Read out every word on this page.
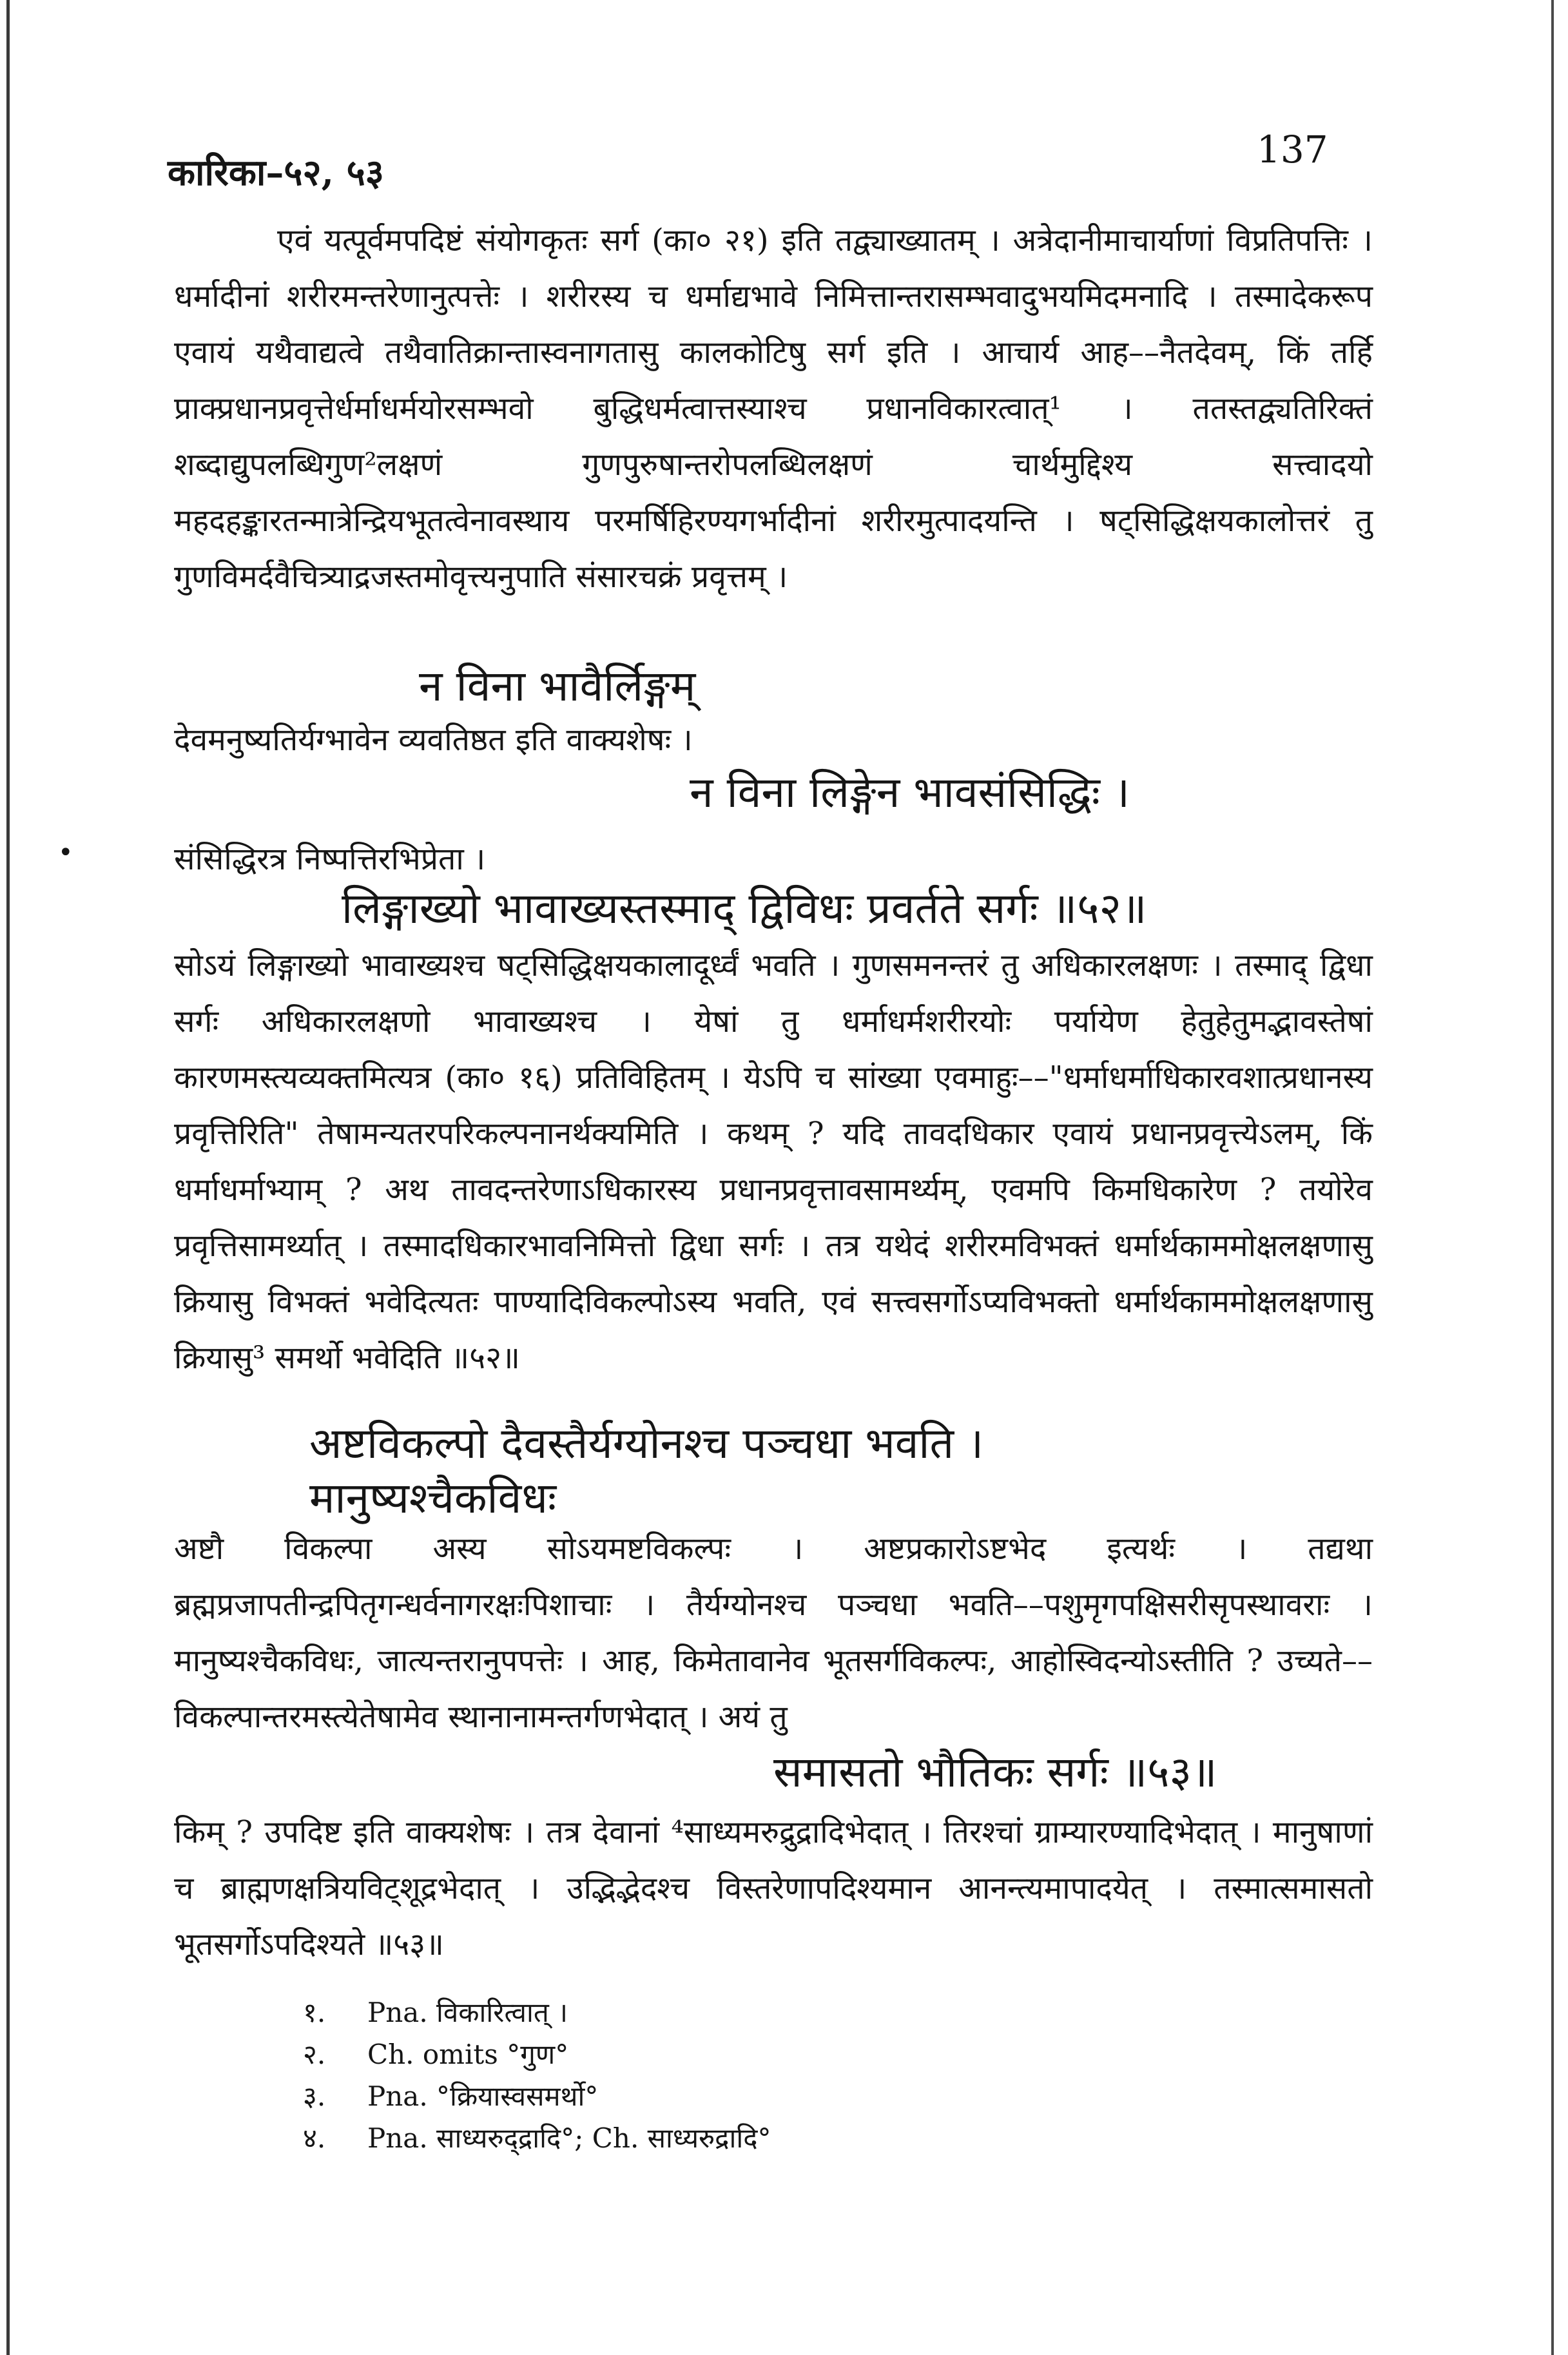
कारिका–५२, ५३
137

एवं यत्पूर्वमपदिष्टं संयोगकृतः सर्ग (का० २१) इति तद्व्याख्यातम् । अत्रेदानीमाचार्याणां विप्रतिपत्तिः । धर्मादीनां शरीरमन्तरेणानुत्पत्तेः । शरीरस्य च धर्माद्यभावे निमित्तान्तरासम्भवादुभयमिदमनादि । तस्मादेकरूप एवायं यथैवाद्यत्वे तथैवातिक्रान्तास्वनागतासु कालकोटिषु सर्ग इति । आचार्य आह––नैतदेवम्, किं तर्हि प्राक्प्रधानप्रवृत्तेर्धर्माधर्मयोरसम्भवो बुद्धिधर्मत्वात्तस्याश्च प्रधानविकारत्वात्¹ । ततस्तद्व्यतिरिक्तं शब्दाद्युपलब्धिगुण²लक्षणं गुणपुरुषान्तरोपलब्धिलक्षणं चार्थमुद्दिश्य सत्त्वादयो महदहङ्कारतन्मात्रेन्द्रियभूतत्वेनावस्थाय परमर्षिहिरण्यगर्भादीनां शरीरमुत्पादयन्ति । षट्सिद्धिक्षयकालोत्तरं तु गुणविमर्दवैचित्र्याद्रजस्तमोवृत्त्यनुपाति संसारचक्रं प्रवृत्तम् ।

न विना भावैर्लिङ्गम्

देवमनुष्यतिर्यग्भावेन व्यवतिष्ठत इति वाक्यशेषः ।

न विना लिङ्गेन भावसंसिद्धिः ।
•	संसिद्धिरत्र निष्पत्तिरभिप्रेता ।

लिङ्गाख्यो भावाख्यस्तस्माद् द्विविधः प्रवर्तते सर्गः ॥५२॥

सोऽयं लिङ्गाख्यो भावाख्यश्च षट्सिद्धिक्षयकालादूर्ध्वं भवति । गुणसमनन्तरं तु अधिकारलक्षणः । तस्माद् द्विधा सर्गः अधिकारलक्षणो भावाख्यश्च । येषां तु धर्माधर्मशरीरयोः पर्यायेण हेतुहेतुमद्भावस्तेषां कारणमस्त्यव्यक्तमित्यत्र (का० १६) प्रतिविहितम् । येऽपि च सांख्या एवमाहुः––"धर्माधर्माधिकारवशात्प्रधानस्य प्रवृत्तिरिति" तेषामन्यतरपरिकल्पनानर्थक्यमिति । कथम् ? यदि तावदधिकार एवायं प्रधानप्रवृत्त्येऽलम्, किं धर्माधर्माभ्याम् ? अथ तावदन्तरेणाऽधिकारस्य प्रधानप्रवृत्तावसामर्थ्यम्, एवमपि किमधिकारेण ? तयोरेव प्रवृत्तिसामर्थ्यात् । तस्मादधिकारभावनिमित्तो द्विधा सर्गः । तत्र यथेदं शरीरमविभक्तं धर्मार्थकाममोक्षलक्षणासु क्रियासु विभक्तं भवेदित्यतः पाण्यादिविकल्पोऽस्य भवति, एवं सत्त्वसर्गोऽप्यविभक्तो धर्मार्थकाममोक्षलक्षणासु क्रियासु³ समर्थो भवेदिति ॥५२॥

अष्टविकल्पो दैवस्तैर्यग्योनश्च पञ्चधा भवति ।
मानुष्यश्चैकविधः

अष्टौ विकल्पा अस्य सोऽयमष्टविकल्पः । अष्टप्रकारोऽष्टभेद इत्यर्थः । तद्यथा ब्रह्मप्रजापतीन्द्रपितृगन्धर्वनागरक्षःपिशाचाः । तैर्यग्योनश्च पञ्चधा भवति––पशुमृगपक्षिसरीसृपस्थावराः । मानुष्यश्चैकविधः, जात्यन्तरानुपपत्तेः । आह, किमेतावानेव भूतसर्गविकल्पः, आहोस्विदन्योऽस्तीति ? उच्यते––विकल्पान्तरमस्त्येतेषामेव स्थानानामन्तर्गणभेदात् । अयं तु

समासतो भौतिकः सर्गः ॥५३॥

किम् ? उपदिष्ट इति वाक्यशेषः । तत्र देवानां ⁴साध्यमरुद्रुद्रादिभेदात् । तिरश्चां ग्राम्यारण्यादिभेदात् । मानुषाणां च ब्राह्मणक्षत्रियविट्शूद्रभेदात् । उद्भिद्भेदश्च विस्तरेणापदिश्यमान आनन्त्यमापादयेत् । तस्मात्समासतो भूतसर्गोऽपदिश्यते ॥५३॥

१.	Pna. विकारित्वात् ।
२.	Ch. omits °गुण°
३.	Pna. °क्रियास्वसमर्थो°
४.	Pna. साध्यरुद्द्रादि°; Ch. साध्यरुद्रादि°
